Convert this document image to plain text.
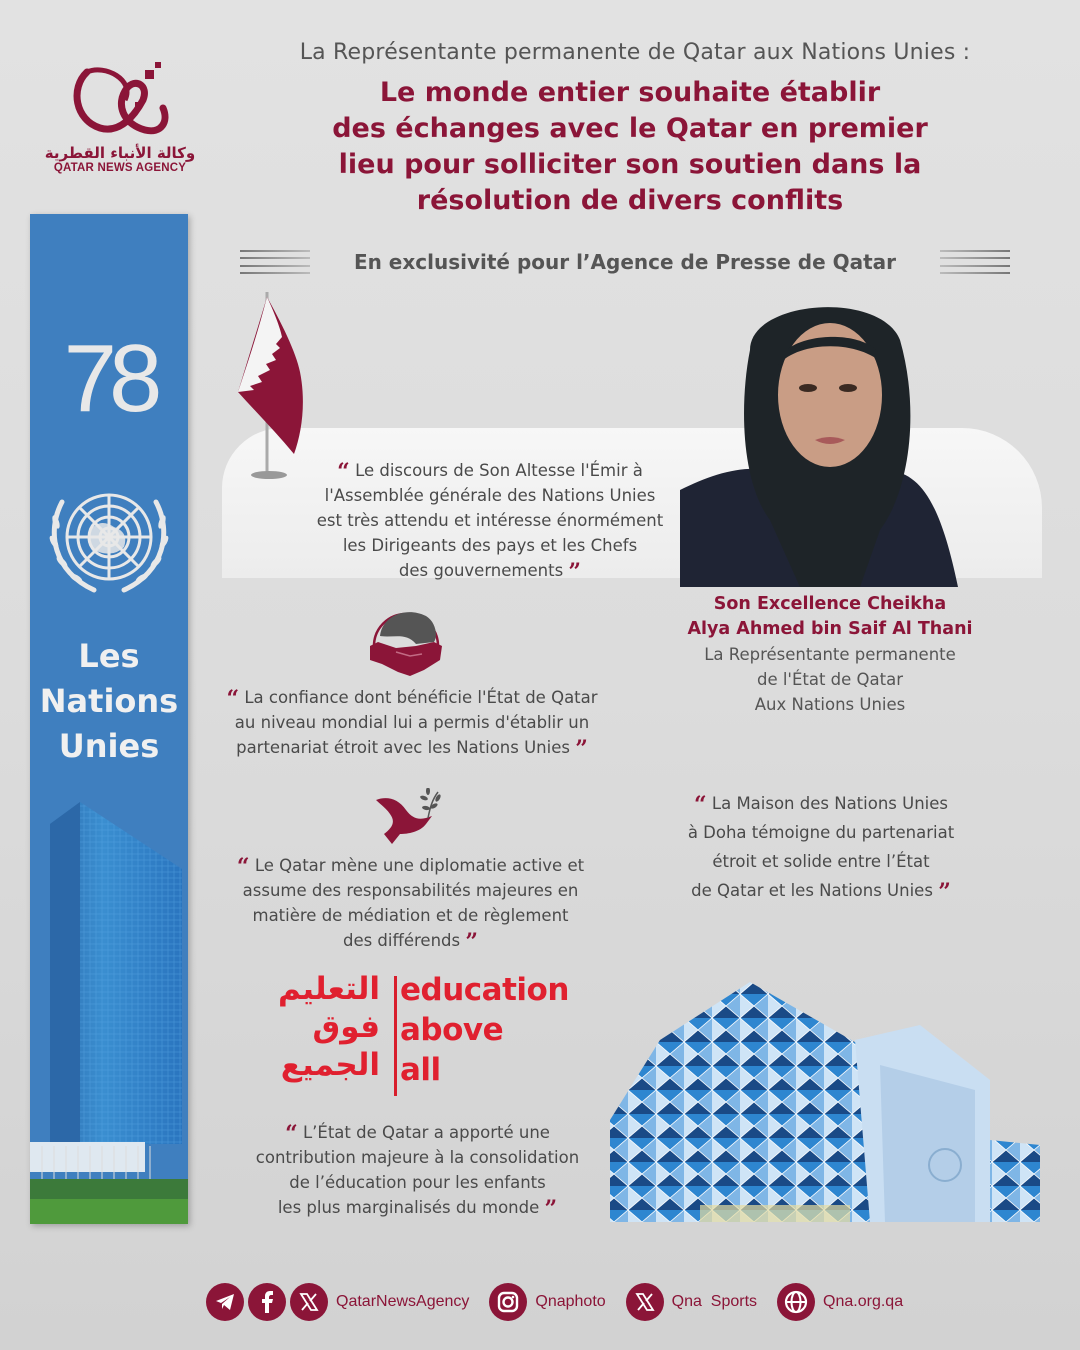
وكالة الأنباء القطرية
QATAR NEWS AGENCY
78
Les
Nations
Unies
La Représentante permanente de Qatar aux Nations Unies :
Le monde entier souhaite établir
des échanges avec le Qatar en premier
lieu pour solliciter son soutien dans la
résolution de divers conflits
En exclusivité pour l’Agence de Presse de Qatar
“ Le discours de Son Altesse l'Émir à
l'Assemblée générale des Nations Unies
est très attendu et intéresse énormément
les Dirigeants des pays et les Chefs
des gouvernements ”
Son Excellence Cheikha
Alya Ahmed bin Saif Al Thani
La Représentante permanente
de l'État de Qatar
Aux Nations Unies
“ La confiance dont bénéficie l'État de Qatar
au niveau mondial lui a permis d'établir un
partenariat étroit avec les Nations Unies ”
“ Le Qatar mène une diplomatie active et
assume des responsabilités majeures en
matière de médiation et de règlement
des différends ”
“ La Maison des Nations Unies
à Doha témoigne du partenariat
étroit et solide entre l’État
de Qatar et les Nations Unies ”
التعليم
فوق
الجميع
education
above
all
“ L’État de Qatar a apporté une
contribution majeure à la consolidation
de l’éducation pour les enfants
les plus marginalisés du monde ”
QatarNewsAgency	Qnaphoto	Qna  Sports	Qna.org.qa
